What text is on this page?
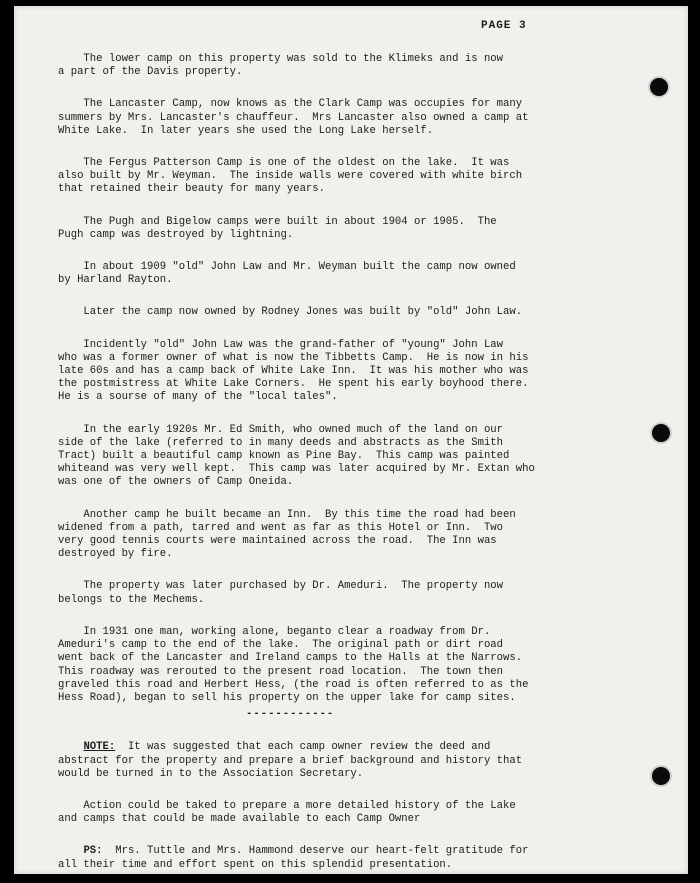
PAGE 3
The lower camp on this property was sold to the Klimeks and is now
a part of the Davis property.
The Lancaster Camp, now knows as the Clark Camp was occupies for many
summers by Mrs. Lancaster's chauffeur.  Mrs Lancaster also owned a camp at
White Lake.  In later years she used the Long Lake herself.
The Fergus Patterson Camp is one of the oldest on the lake.  It was
also built by Mr. Weyman.  The inside walls were covered with white birch
that retained their beauty for many years.
The Pugh and Bigelow camps were built in about 1904 or 1905.  The
Pugh camp was destroyed by lightning.
In about 1909 "old" John Law and Mr. Weyman built the camp now owned
by Harland Rayton.
Later the camp now owned by Rodney Jones was built by "old" John Law.
Incidently "old" John Law was the grand-father of "young" John Law
who was a former owner of what is now the Tibbetts Camp.  He is now in his
late 60s and has a camp back of White Lake Inn.  It was his mother who was
the postmistress at White Lake Corners.  He spent his early boyhood there.
He is a sourse of many of the "local tales".
In the early 1920s Mr. Ed Smith, who owned much of the land on our
side of the lake (referred to in many deeds and abstracts as the Smith
Tract) built a beautiful camp known as Pine Bay.  This camp was painted
whiteand was very well kept.  This camp was later acquired by Mr. Extan who
was one of the owners of Camp Oneida.
Another camp he built became an Inn.  By this time the road had been
widened from a path, tarred and went as far as this Hotel or Inn.  Two
very good tennis courts were maintained across the road.  The Inn was
destroyed by fire.
The property was later purchased by Dr. Ameduri.  The property now
belongs to the Mechems.
In 1931 one man, working alone, beganto clear a roadway from Dr.
Ameduri's camp to the end of the lake.  The original path or dirt road
went back of the Lancaster and Ireland camps to the Halls at the Narrows.
This roadway was rerouted to the present road location.  The town then
graveled this road and Herbert Hess, (the road is often referred to as the
Hess Road), began to sell his property on the upper lake for camp sites.
------------
NOTE:  It was suggested that each camp owner review the deed and
abstract for the property and prepare a brief background and history that
would be turned in to the Association Secretary.
Action could be taked to prepare a more detailed history of the Lake
and camps that could be made available to each Camp Owner
PS:  Mrs. Tuttle and Mrs. Hammond deserve our heart-felt gratitude for
all their time and effort spent on this splendid presentation.
